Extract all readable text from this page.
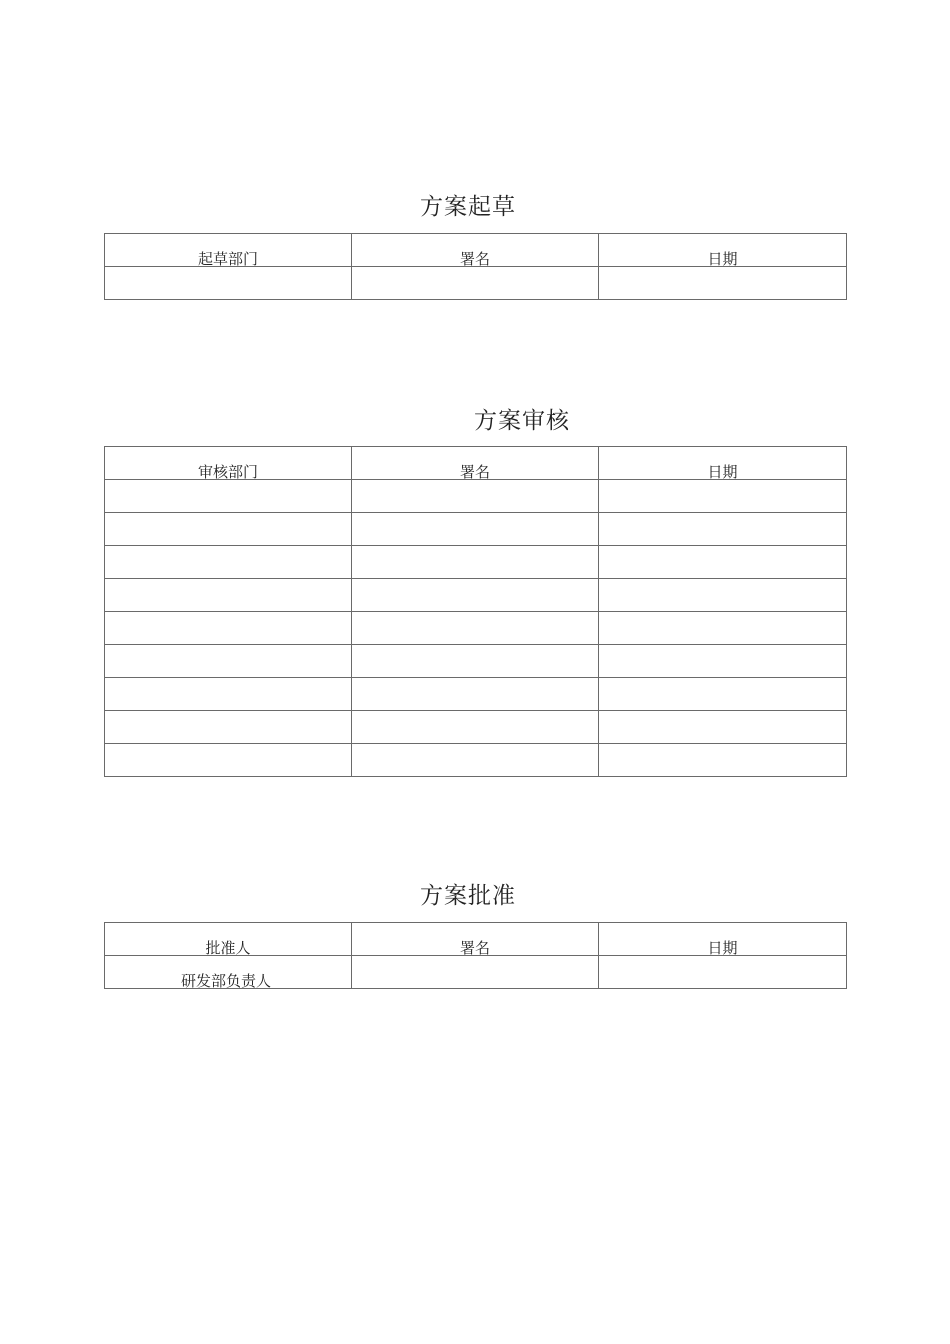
方案起草
起草部门	署名	日期

方案审核
审核部门	署名	日期

方案批准
批准人	署名	日期
研发部负责人		
